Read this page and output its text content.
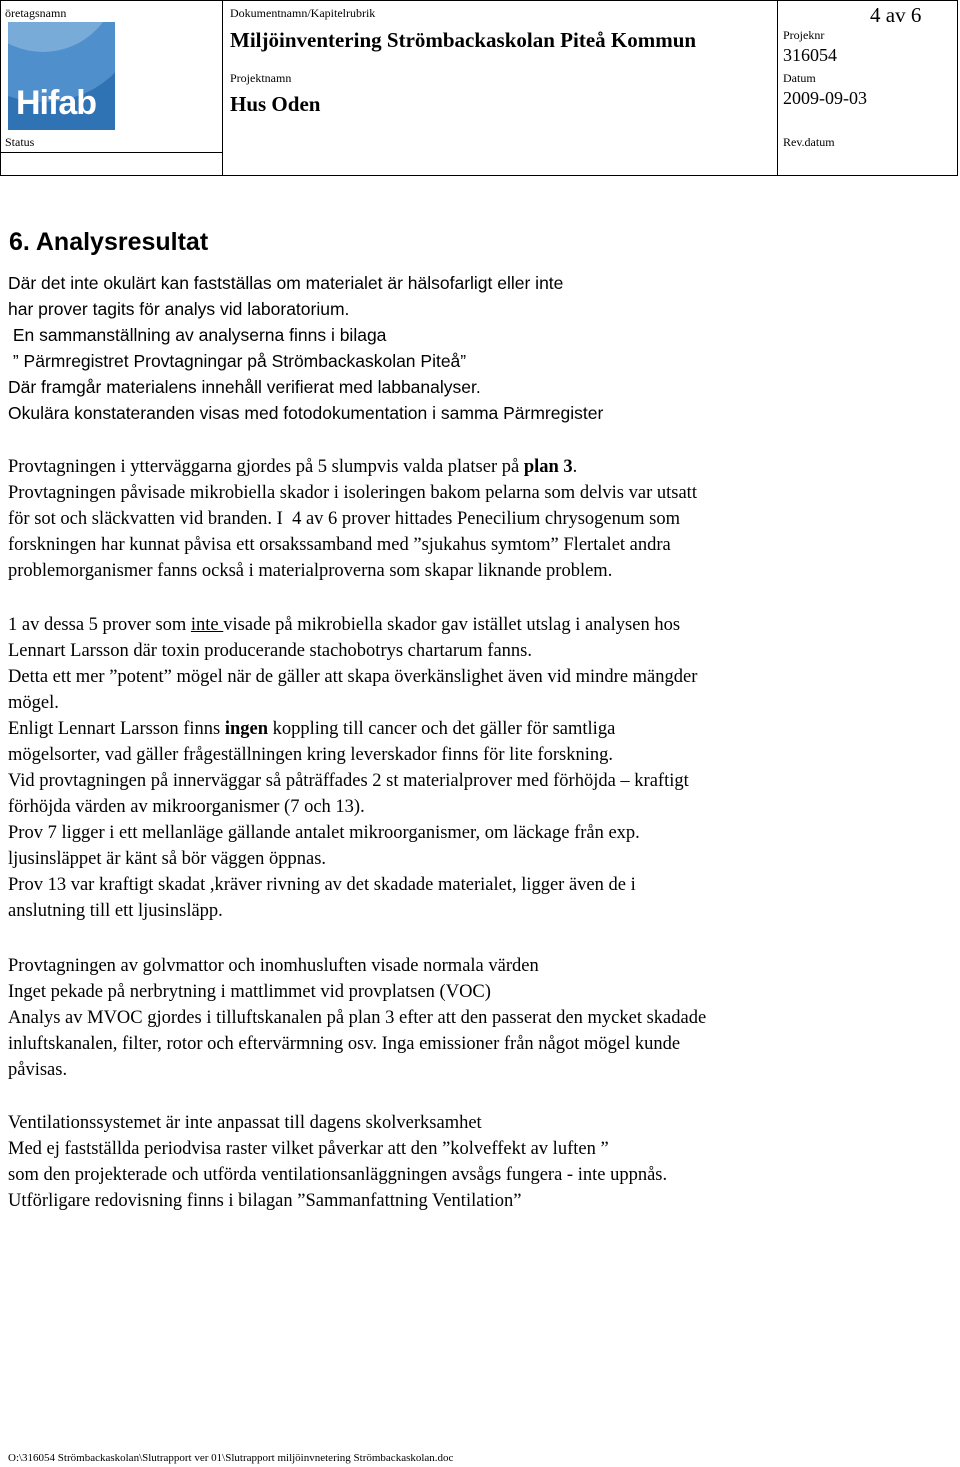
öretagsnamn
Hifab
Status
Dokumentnamn/Kapitelrubrik
Miljöinventering Strömbackaskolan Piteå Kommun
Projektnamn
Hus Oden
Projeknr
316054
Datum
2009-09-03
Rev.datum
4 av 6
6. Analysresultat
Där det inte okulärt kan fastställas om materialet är hälsofarligt eller inte
har prover tagits för analys vid laboratorium.
En sammanställning av analyserna finns i bilaga
” Pärmregistret Provtagningar på Strömbackaskolan Piteå”
Där framgår materialens innehåll verifierat med labbanalyser.
Okulära konstateranden visas med fotodokumentation i samma Pärmregister
Provtagningen i ytterväggarna gjordes på 5 slumpvis valda platser på plan 3.
Provtagningen påvisade mikrobiella skador i isoleringen bakom pelarna som delvis var utsatt
för sot och släckvatten vid branden. I  4 av 6 prover hittades Penecilium chrysogenum som
forskningen har kunnat påvisa ett orsakssamband med ”sjukahus symtom” Flertalet andra
problemorganismer fanns också i materialproverna som skapar liknande problem.
1 av dessa 5 prover som inte visade på mikrobiella skador gav istället utslag i analysen hos
Lennart Larsson där toxin producerande stachobotrys chartarum fanns.
Detta ett mer ”potent” mögel när de gäller att skapa överkänslighet även vid mindre mängder
mögel.
Enligt Lennart Larsson finns ingen koppling till cancer och det gäller för samtliga
mögelsorter, vad gäller frågeställningen kring leverskador finns för lite forskning.
Vid provtagningen på innerväggar så påträffades 2 st materialprover med förhöjda – kraftigt
förhöjda värden av mikroorganismer (7 och 13).
Prov 7 ligger i ett mellanläge gällande antalet mikroorganismer, om läckage från exp.
ljusinsläppet är känt så bör väggen öppnas.
Prov 13 var kraftigt skadat ,kräver rivning av det skadade materialet, ligger även de i
anslutning till ett ljusinsläpp.
Provtagningen av golvmattor och inomhusluften visade normala värden
Inget pekade på nerbrytning i mattlimmet vid provplatsen (VOC)
Analys av MVOC gjordes i tilluftskanalen på plan 3 efter att den passerat den mycket skadade
inluftskanalen, filter, rotor och eftervärmning osv. Inga emissioner från något mögel kunde
påvisas.
Ventilationssystemet är inte anpassat till dagens skolverksamhet
Med ej fastställda periodvisa raster vilket påverkar att den ”kolveffekt av luften ”
som den projekterade och utförda ventilationsanläggningen avsågs fungera - inte uppnås.
Utförligare redovisning finns i bilagan ”Sammanfattning Ventilation”
O:\316054 Strömbackaskolan\Slutrapport ver 01\Slutrapport miljöinvnetering Strömbackaskolan.doc
